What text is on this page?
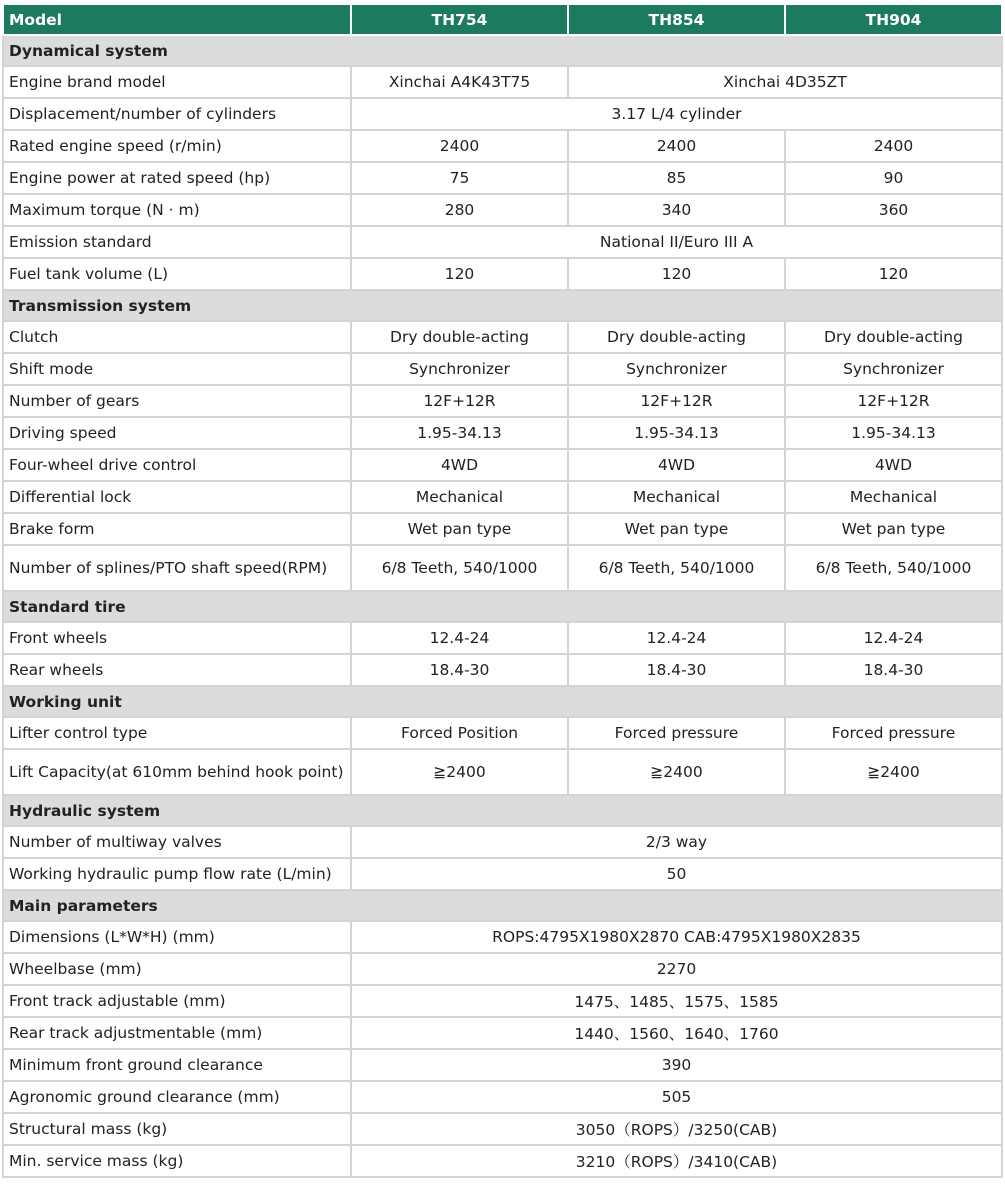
Model	TH754	TH854	TH904
Dynamical system			
Engine brand model	Xinchai A4K43T75	Xinchai 4D35ZT	
Displacement/number of cylinders	3.17 L/4 cylinder		
Rated engine speed (r/min)	2400	2400	2400
Engine power at rated speed (hp)	75	85	90
Maximum torque (N · m)	280	340	360
Emission standard	National II/Euro III A		
Fuel tank volume (L)	120	120	120
Transmission system			
Clutch	Dry double-acting	Dry double-acting	Dry double-acting
Shift mode	Synchronizer	Synchronizer	Synchronizer
Number of gears	12F+12R	12F+12R	12F+12R
Driving speed	1.95-34.13	1.95-34.13	1.95-34.13
Four-wheel drive control	4WD	4WD	4WD
Differential lock	Mechanical	Mechanical	Mechanical
Brake form	Wet pan type	Wet pan type	Wet pan type
Number of splines/PTO shaft speed(RPM)	6/8 Teeth, 540/1000	6/8 Teeth, 540/1000	6/8 Teeth, 540/1000
Standard tire			
Front wheels	12.4-24	12.4-24	12.4-24
Rear wheels	18.4-30	18.4-30	18.4-30
Working unit			
Lifter control type	Forced Position	Forced pressure	Forced pressure
Lift Capacity(at 610mm behind hook point)	≧2400	≧2400	≧2400
Hydraulic system			
Number of multiway valves	2/3 way		
Working hydraulic pump flow rate (L/min)	50		
Main parameters			
Dimensions (L*W*H) (mm)	ROPS:4795X1980X2870 CAB:4795X1980X2835		
Wheelbase (mm)	2270		
Front track adjustable (mm)	1475、1485、1575、1585		
Rear track adjustmentable (mm)	1440、1560、1640、1760		
Minimum front ground clearance	390		
Agronomic ground clearance (mm)	505		
Structural mass (kg)	3050（ROPS）/3250(CAB)		
Min. service mass (kg)	3210（ROPS）/3410(CAB)		
